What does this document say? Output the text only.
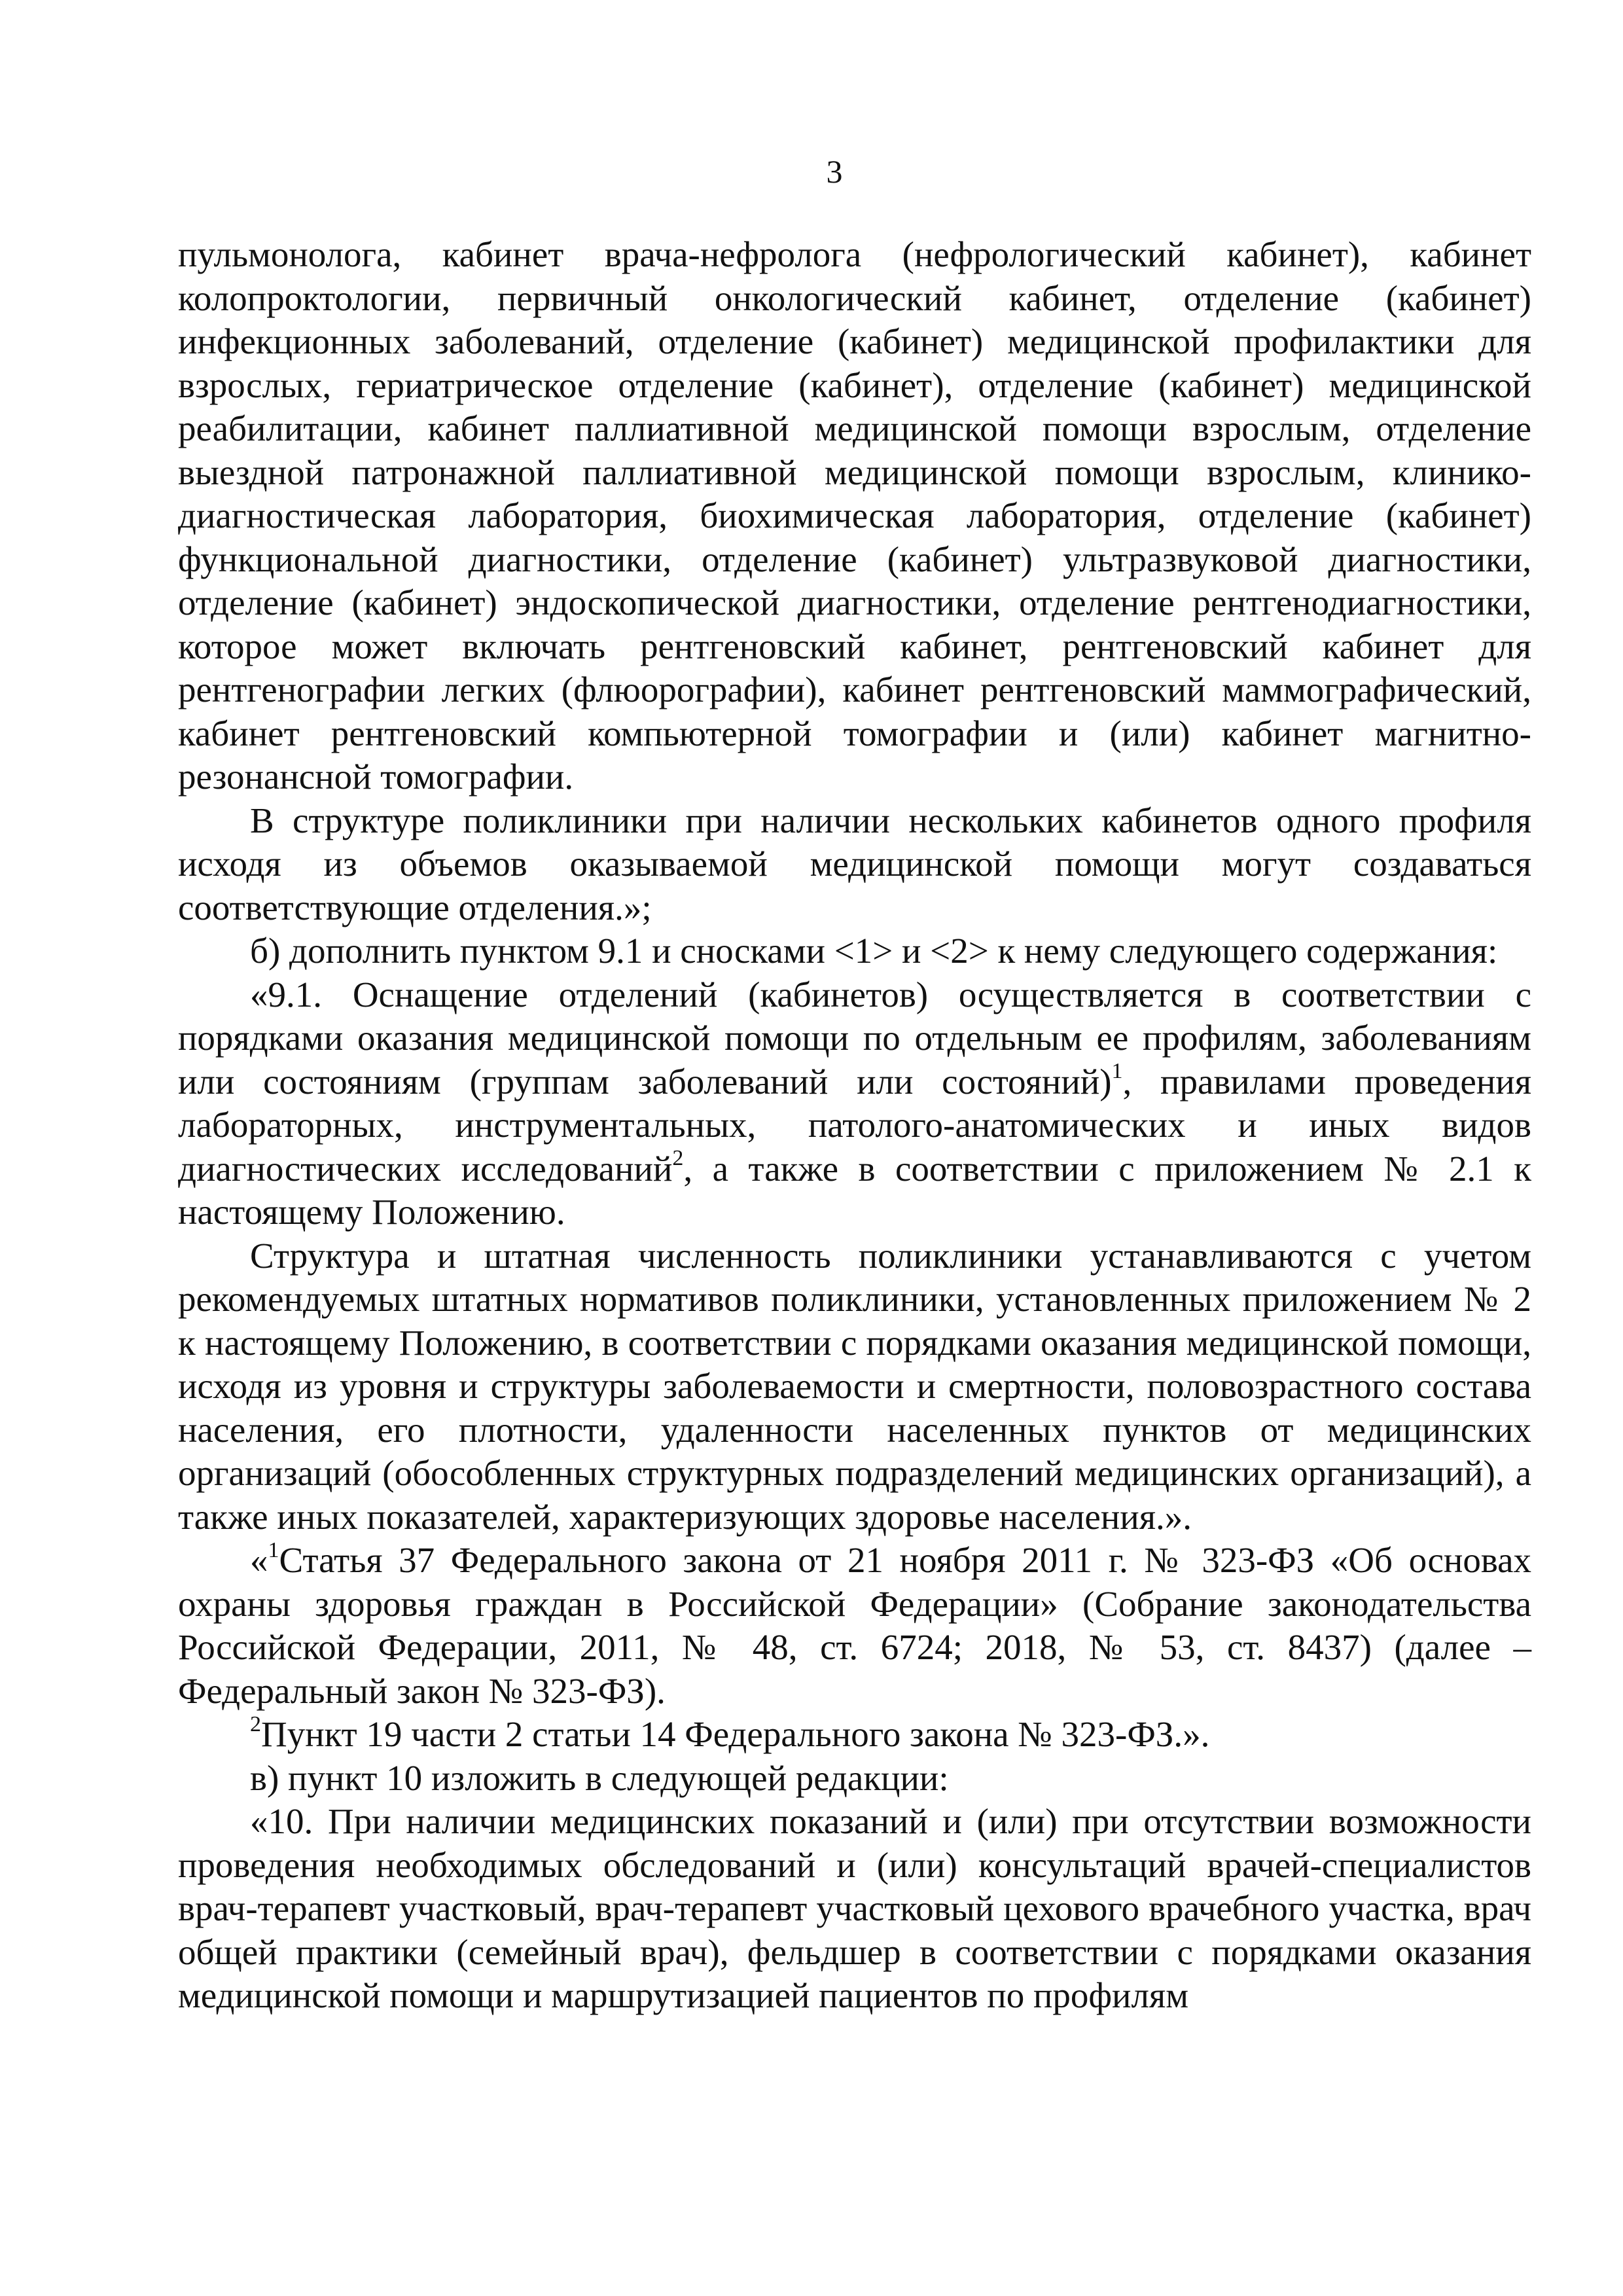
3

пульмонолога, кабинет врача-нефролога (нефрологический кабинет), кабинет колопроктологии, первичный онкологический кабинет, отделение (кабинет) инфекционных заболеваний, отделение (кабинет) медицинской профилактики для взрослых, гериатрическое отделение (кабинет), отделение (кабинет) медицинской реабилитации, кабинет паллиативной медицинской помощи взрослым, отделение выездной патронажной паллиативной медицинской помощи взрослым, клинико-диагностическая лаборатория, биохимическая лаборатория, отделение (кабинет) функциональной диагностики, отделение (кабинет) ультразвуковой диагностики, отделение (кабинет) эндоскопической диагностики, отделение рентгенодиагностики, которое может включать рентгеновский кабинет, рентгеновский кабинет для рентгенографии легких (флюорографии), кабинет рентгеновский маммографический, кабинет рентгеновский компьютерной томографии и (или) кабинет магнитно-резонансной томографии.

В структуре поликлиники при наличии нескольких кабинетов одного профиля исходя из объемов оказываемой медицинской помощи могут создаваться соответствующие отделения.»;

б) дополнить пунктом 9.1 и сносками <1> и <2> к нему следующего содержания:

«9.1. Оснащение отделений (кабинетов) осуществляется в соответствии с порядками оказания медицинской помощи по отдельным ее профилям, заболеваниям или состояниям (группам заболеваний или состояний)$^1$, правилами проведения лабораторных, инструментальных, патолого-анатомических и иных видов диагностических исследований$^2$, а также в соответствии с приложением № 2.1 к настоящему Положению.

Структура и штатная численность поликлиники устанавливаются с учетом рекомендуемых штатных нормативов поликлиники, установленных приложением № 2 к настоящему Положению, в соответствии с порядками оказания медицинской помощи, исходя из уровня и структуры заболеваемости и смертности, половозрастного состава населения, его плотности, удаленности населенных пунктов от медицинских организаций (обособленных структурных подразделений медицинских организаций), а также иных показателей, характеризующих здоровье населения.».

«$^1$Статья 37 Федерального закона от 21 ноября 2011 г. № 323-ФЗ «Об основах охраны здоровья граждан в Российской Федерации» (Собрание законодательства Российской Федерации, 2011, № 48, ст. 6724; 2018, № 53, ст. 8437) (далее – Федеральный закон № 323-ФЗ).

$^2$Пункт 19 части 2 статьи 14 Федерального закона № 323-ФЗ.».

в) пункт 10 изложить в следующей редакции:

«10. При наличии медицинских показаний и (или) при отсутствии возможности проведения необходимых обследований и (или) консультаций врачей-специалистов врач-терапевт участковый, врач-терапевт участковый цехового врачебного участка, врач общей практики (семейный врач), фельдшер в соответствии с порядками оказания медицинской помощи и маршрутизацией пациентов по профилям
